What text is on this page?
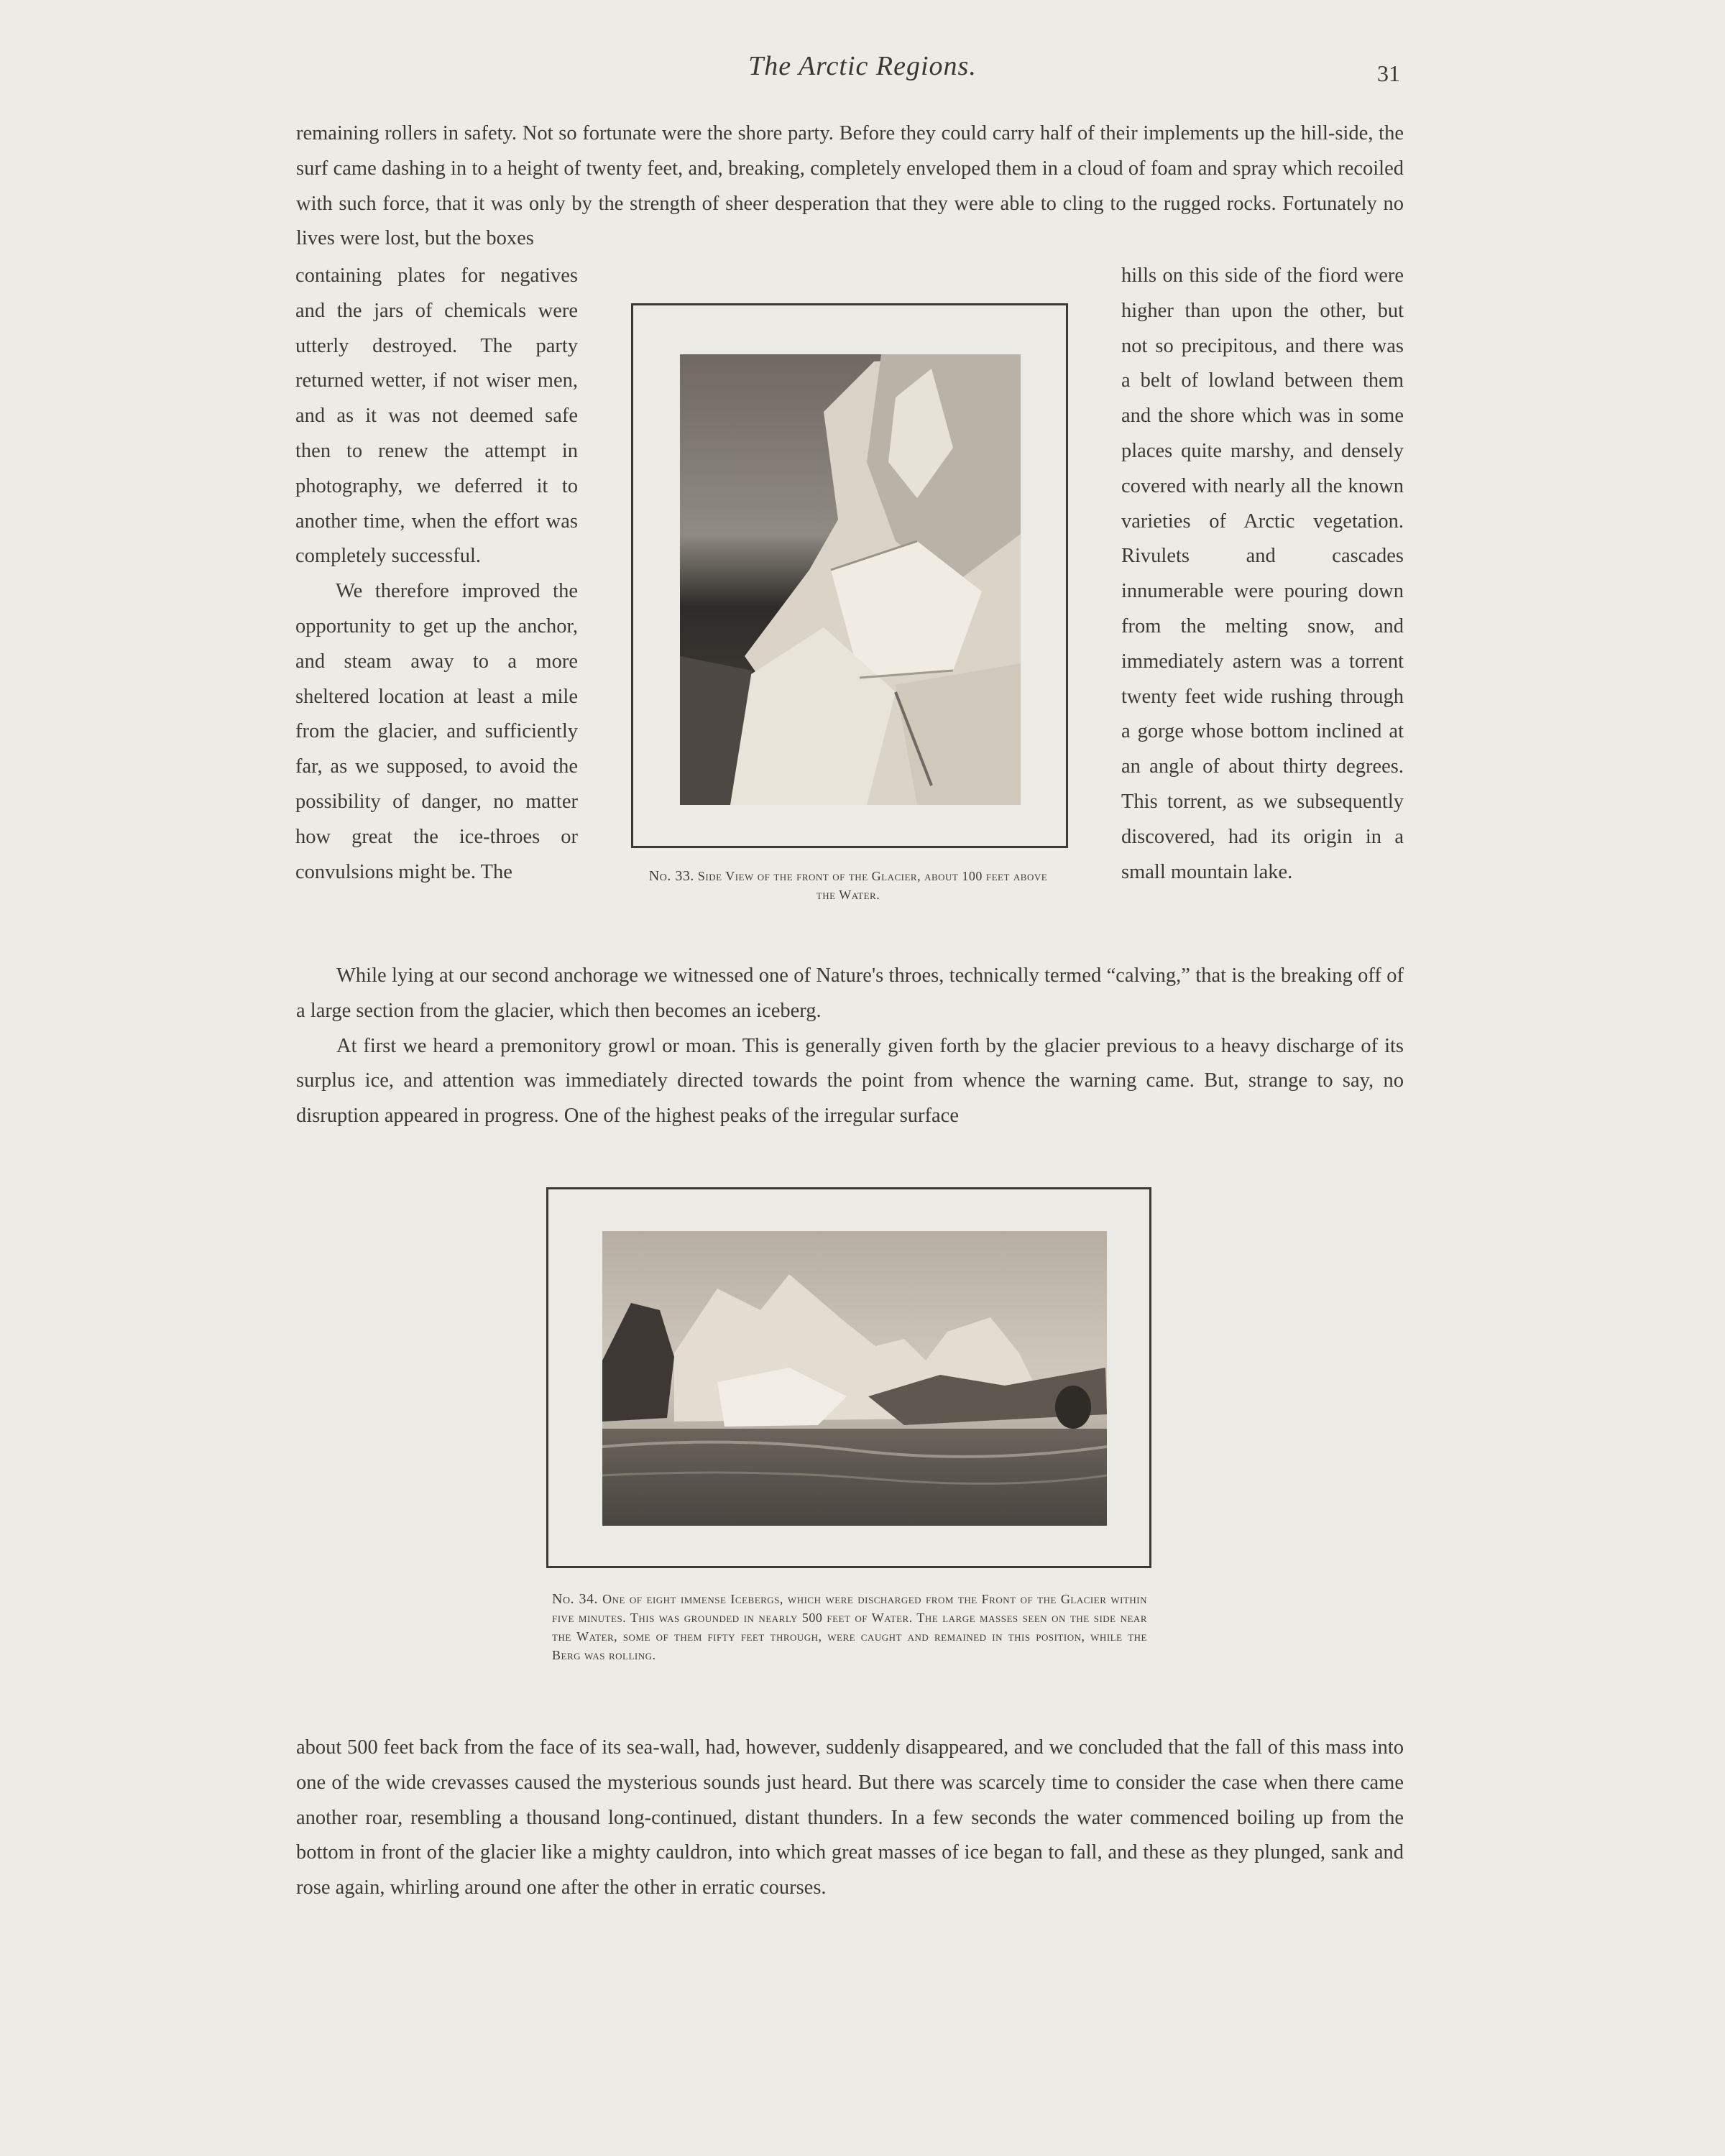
The Arctic Regions.	31

remaining rollers in safety. Not so fortunate were the shore party. Before they could carry half of their implements up the hill-side, the surf came dashing in to a height of twenty feet, and, breaking, completely enveloped them in a cloud of foam and spray which recoiled with such force, that it was only by the strength of sheer desperation that they were able to cling to the rugged rocks. Fortunately no lives were lost, but the boxes

containing plates for negatives and the jars of chemicals were utterly destroyed. The party returned wetter, if not wiser men, and as it was not deemed safe then to renew the attempt in photography, we deferred it to another time, when the effort was completely successful.

We therefore improved the opportunity to get up the anchor, and steam away to a more sheltered location at least a mile from the glacier, and sufficiently far, as we supposed, to avoid the possibility of danger, no matter how great the ice-throes or convulsions might be. The

hills on this side of the fiord were higher than upon the other, but not so precipitous, and there was a belt of lowland between them and the shore which was in some places quite marshy, and densely covered with nearly all the known varieties of Arctic vegetation. Rivulets and cascades innumerable were pouring down from the melting snow, and immediately astern was a torrent twenty feet wide rushing through a gorge whose bottom inclined at an angle of about thirty degrees. This torrent, as we subsequently discovered, had its origin in a small mountain lake.

No. 33. Side View of the front of the Glacier, about 100 feet above the Water.

While lying at our second anchorage we witnessed one of Nature's throes, technically termed “calving,” that is the breaking off of a large section from the glacier, which then becomes an iceberg.

At first we heard a premonitory growl or moan. This is generally given forth by the glacier previous to a heavy discharge of its surplus ice, and attention was immediately directed towards the point from whence the warning came. But, strange to say, no disruption appeared in progress. One of the highest peaks of the irregular surface

No. 34. One of eight immense Icebergs, which were discharged from the Front of the Glacier within five minutes. This was grounded in nearly 500 feet of Water. The large masses seen on the side near the Water, some of them fifty feet through, were caught and remained in this position, while the Berg was rolling.

about 500 feet back from the face of its sea-wall, had, however, suddenly disappeared, and we concluded that the fall of this mass into one of the wide crevasses caused the mysterious sounds just heard. But there was scarcely time to consider the case when there came another roar, resembling a thousand long-continued, distant thunders. In a few seconds the water commenced boiling up from the bottom in front of the glacier like a mighty cauldron, into which great masses of ice began to fall, and these as they plunged, sank and rose again, whirling around one after the other in erratic courses.
